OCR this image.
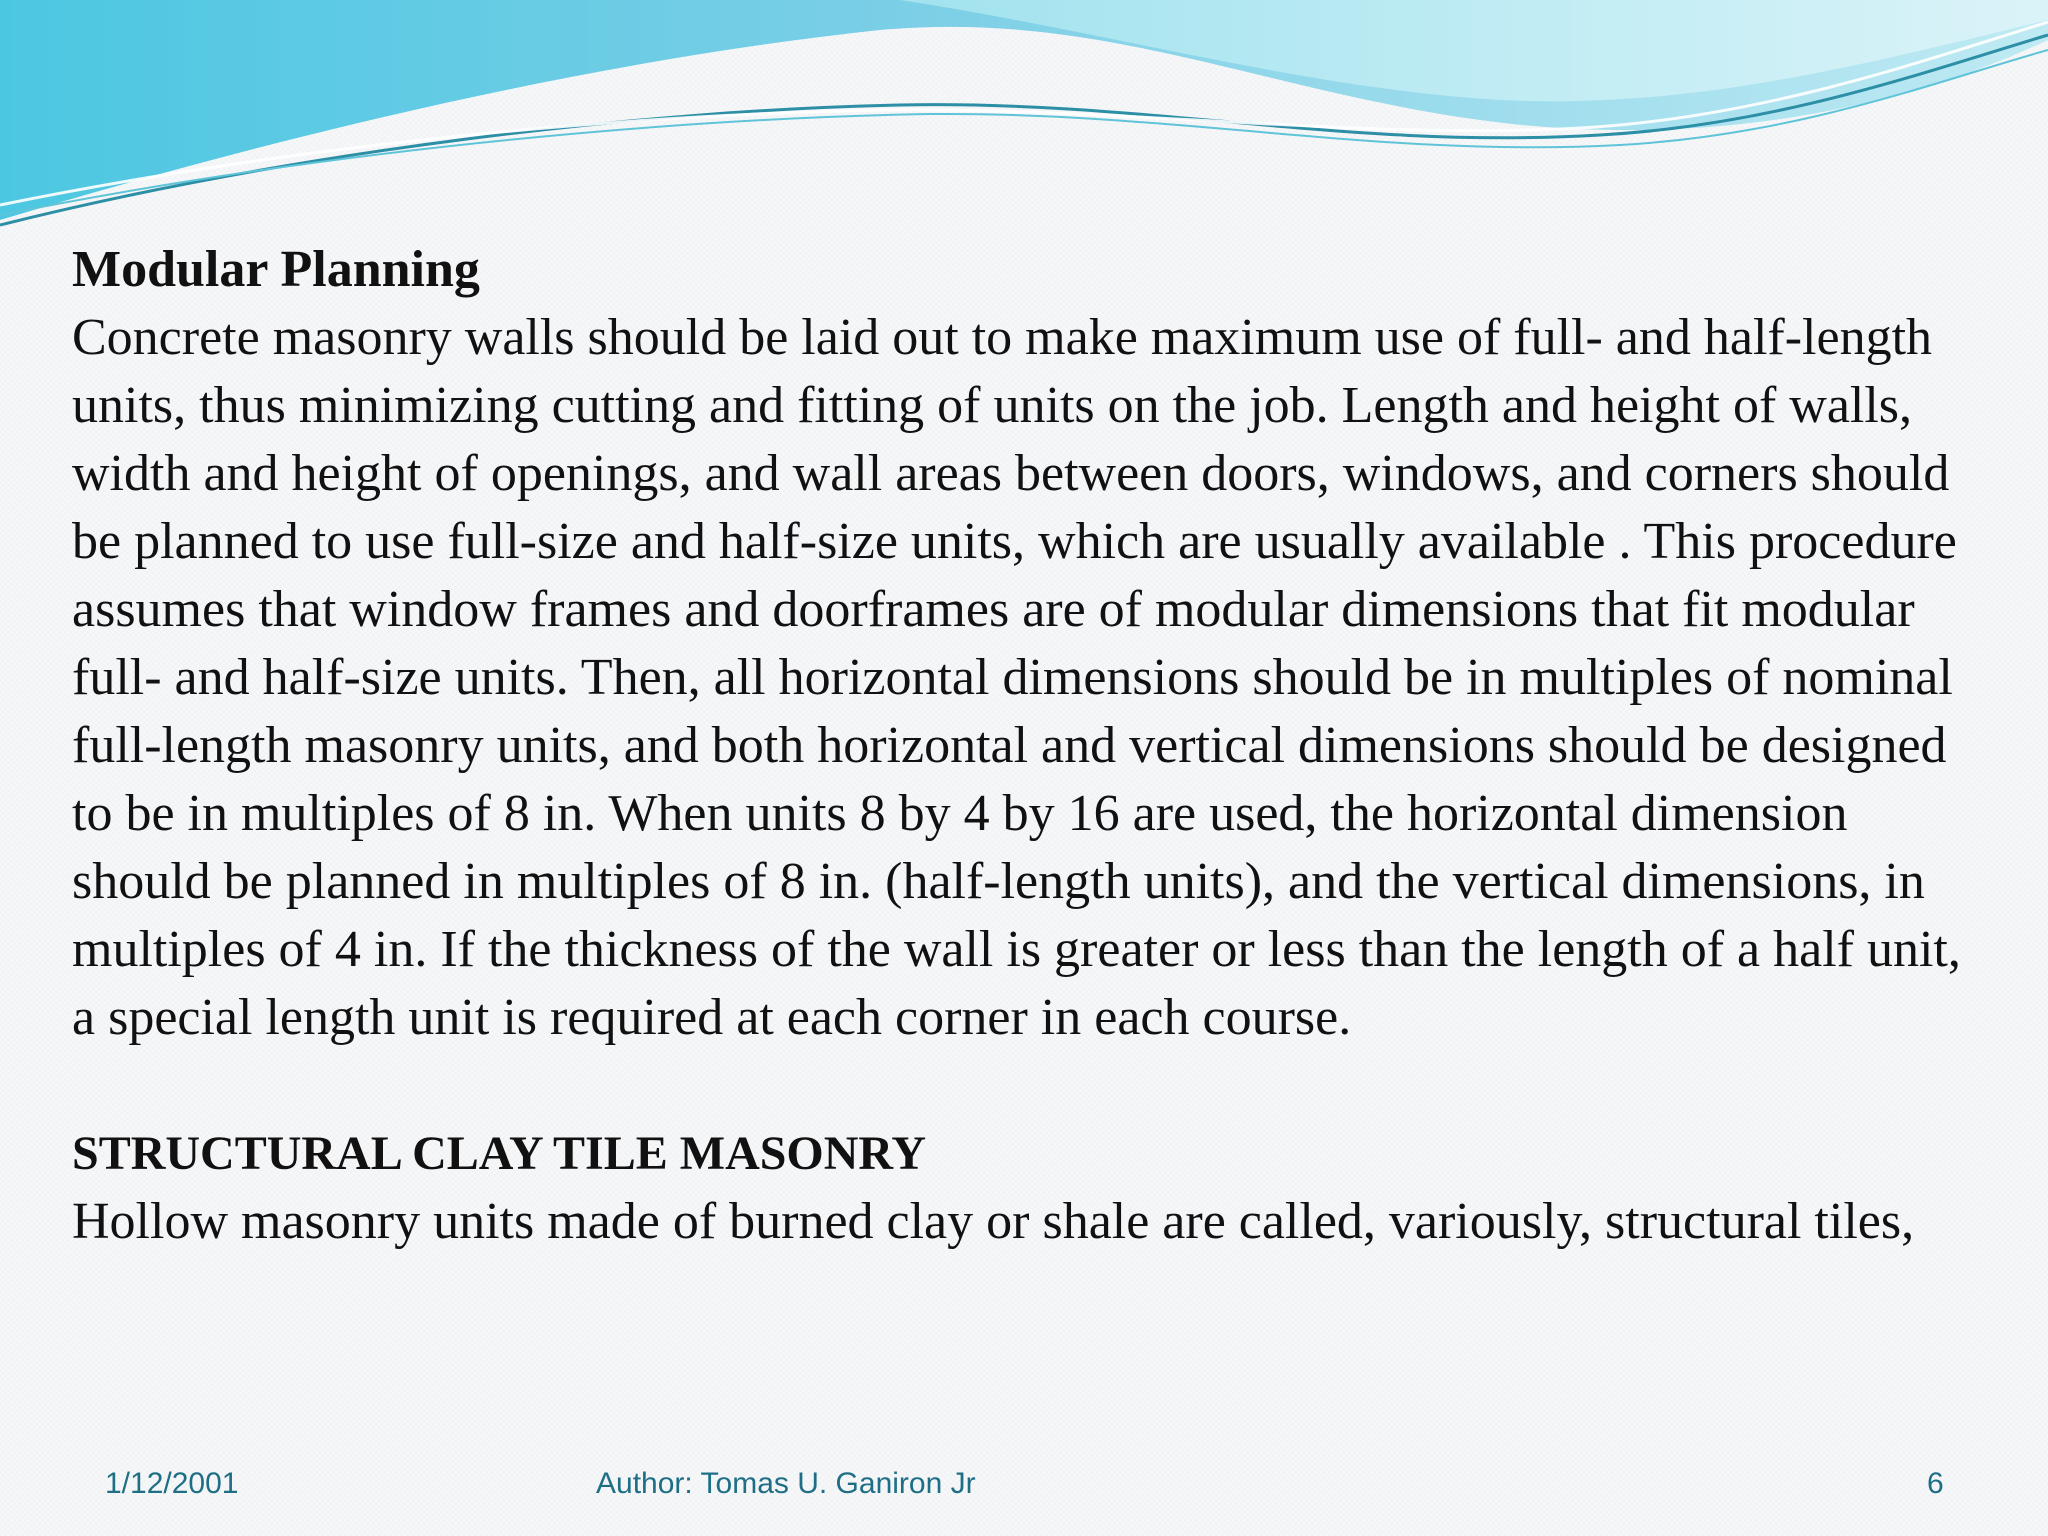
Modular Planning

Concrete masonry walls should be laid out to make maximum use of full- and half-length units, thus minimizing cutting and fitting of units on the job. Length and height of walls, width and height of openings, and wall areas between doors, windows, and corners should be planned to use full-size and half-size units, which are usually available . This procedure assumes that window frames and doorframes are of modular dimensions that fit modular full- and half-size units. Then, all horizontal dimensions should be in multiples of nominal full-length masonry units, and both horizontal and vertical dimensions should be designed to be in multiples of 8 in. When units 8 by 4 by 16 are used, the horizontal dimension should be planned in multiples of 8 in. (half-length units), and the vertical dimensions, in multiples of 4 in. If the thickness of the wall is greater or less than the length of a half unit, a special length unit is required at each corner in each course.

STRUCTURAL CLAY TILE MASONRY

Hollow masonry units made of burned clay or shale are called, variously, structural tiles,

1/12/2001	Author: Tomas U. Ganiron Jr	6
